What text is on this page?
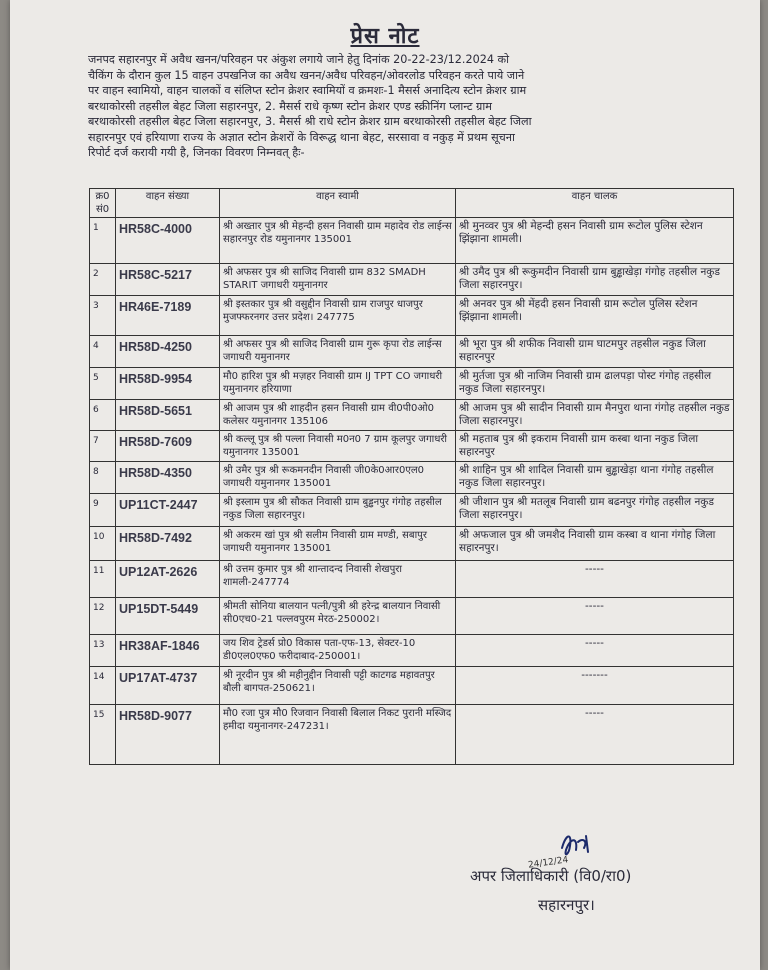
प्रेस नोट
जनपद सहारनपुर में अवैध खनन/परिवहन पर अंकुश लगाये जाने हेतु दिनांक 20-22-23/12.2024 को
चैकिंग के दौरान कुल 15 वाहन उपखनिज का अवैध खनन/अवैध परिवहन/ओवरलोड परिवहन करते पाये जाने
पर वाहन स्वामियो, वाहन चालकों व संलिप्त स्टोन क्रेशर स्वामियों व क्रमशः-1 मैसर्स अनादित्य स्टोन क्रेशर ग्राम
बरथाकोरसी तहसील बेहट जिला सहारनपुर, 2. मैसर्स राधे कृष्ण स्टोन क्रेशर एण्ड स्क्रीनिंग प्लान्ट ग्राम
बरथाकोरसी तहसील बेहट जिला सहारनपुर, 3. मैसर्स श्री राधे स्टोन क्रेशर ग्राम बरथाकोरसी तहसील बेहट जिला
सहारनपुर एवं हरियाणा राज्य के अज्ञात स्टोन क्रेशरों के विरूद्ध थाना बेहट, सरसावा व नकुड़ में प्रथम सूचना
रिपोर्ट दर्ज करायी गयी है, जिनका विवरण निम्नवत् हैः-
क्र0 सं0	वाहन संख्या	वाहन स्वामी	वाहन चालक
1	HR58C-4000	श्री अख्तार पुत्र श्री मेहन्दी हसन निवासी ग्राम महादेव रोड लाईन्स सहारनपुर रोड यमुनानगर 135001	श्री मुनव्वर पुत्र श्री मेहन्दी हसन निवासी ग्राम रूटोल पुलिस स्टेशन झिंझाना शामली।
2	HR58C-5217	श्री अफसर पुत्र श्री साजिद निवासी ग्राम 832 SMADH STARIT जगाधरी यमुनानगर	श्री उमैद पुत्र श्री रूकुमदीन निवासी ग्राम बुड्ढाखेड़ा गंगोह तहसील नकुड जिला सहारनपुर।
3	HR46E-7189	श्री इस्तकार पुत्र श्री वसुद्दीन निवासी ग्राम राजपुर धाजपुर मुजफ्फरनगर उत्तर प्रदेश। 247775	श्री अनवर पुत्र श्री मेंहदी हसन निवासी ग्राम रूटोल पुलिस स्टेशन झिंझाना शामली।
4	HR58D-4250	श्री अफसर पुत्र श्री साजिद निवासी ग्राम गुरू कृपा रोड लाईन्स जगाधरी यमुनानगर	श्री भूरा पुत्र श्री शफीक निवासी ग्राम घाटमपुर तहसील नकुड जिला सहारनपुर
5	HR58D-9954	मौ0 हारिश पुत्र श्री मज़हर निवासी ग्राम IJ TPT CO जगाधरी यमुनानगर हरियाणा	श्री मुर्तजा पुत्र श्री नाजिम निवासी ग्राम ढालपड़ा पोस्ट गंगोह तहसील नकुड जिला सहारनपुर।
6	HR58D-5651	श्री आजम पुत्र श्री शाहदीन हसन निवासी ग्राम वी0पी0ओ0 कलेसर यमुनानगर 135106	श्री आजम पुत्र श्री सादीन निवासी ग्राम मैनपुरा थाना गंगोह तहसील नकुड जिला सहारनपुर।
7	HR58D-7609	श्री कल्लू पुत्र श्री पल्ला निवासी म0न0 7 ग्राम कूलपुर जगाधरी यमुनानगर 135001	श्री महताब पुत्र श्री इकराम निवासी ग्राम कस्बा थाना नकुड जिला सहारनपुर
8	HR58D-4350	श्री उमैर पुत्र श्री रूकमनदीन निवासी जी0के0आर0एल0 जगाधरी यमुनानगर 135001	श्री शाहिन पुत्र श्री शादिल निवासी ग्राम बुड्ढाखेड़ा थाना गंगोह तहसील नकुड जिला सहारनपुर।
9	UP11CT-2447	श्री इस्लाम पुत्र श्री सौकत निवासी ग्राम बुड्ढनपुर गंगोह तहसील नकुड जिला सहारनपुर।	श्री जीशान पुत्र श्री मतलूब निवासी ग्राम बढनपुर गंगोह तहसील नकुड जिला सहारनपुर।
10	HR58D-7492	श्री अकरम खां पुत्र श्री सलीम निवासी ग्राम मण्डी, सबापुर जगाधरी यमुनानगर 135001	श्री अफजाल पुत्र श्री जमशैद निवासी ग्राम कस्बा व थाना गंगोह जिला सहारनपुर।
11	UP12AT-2626	श्री उत्तम कुमार पुत्र श्री शान्तादन्द निवासी शेखपुरा शामली-247774	-----
12	UP15DT-5449	श्रीमती सोनिया बालयान पत्नी/पुत्री श्री हरेन्द्र बालयान निवासी सी0एच0-21 पल्लवपुरम मेरठ-250002।	-----
13	HR38AF-1846	जय शिव ट्रेडर्स प्रो0 विकास पता-एफ-13, सेक्टर-10 डी0एल0एफ0 फरीदाबाद-250001।	-----
14	UP17AT-4737	श्री नूरदीन पुत्र श्री महीनुद्दीन निवासी पट्टी काटगढ महावतपुर बौली बागपत-250621।	-------
15	HR58D-9077	मौ0 रजा पुत्र मौ0 रिजवान निवासी बिलाल निकट पुरानी मस्जिद हमीदा यमुनानगर-247231।	-----
24/12/24
अपर जिलाधिकारी (वि0/रा0)
सहारनपुर।
